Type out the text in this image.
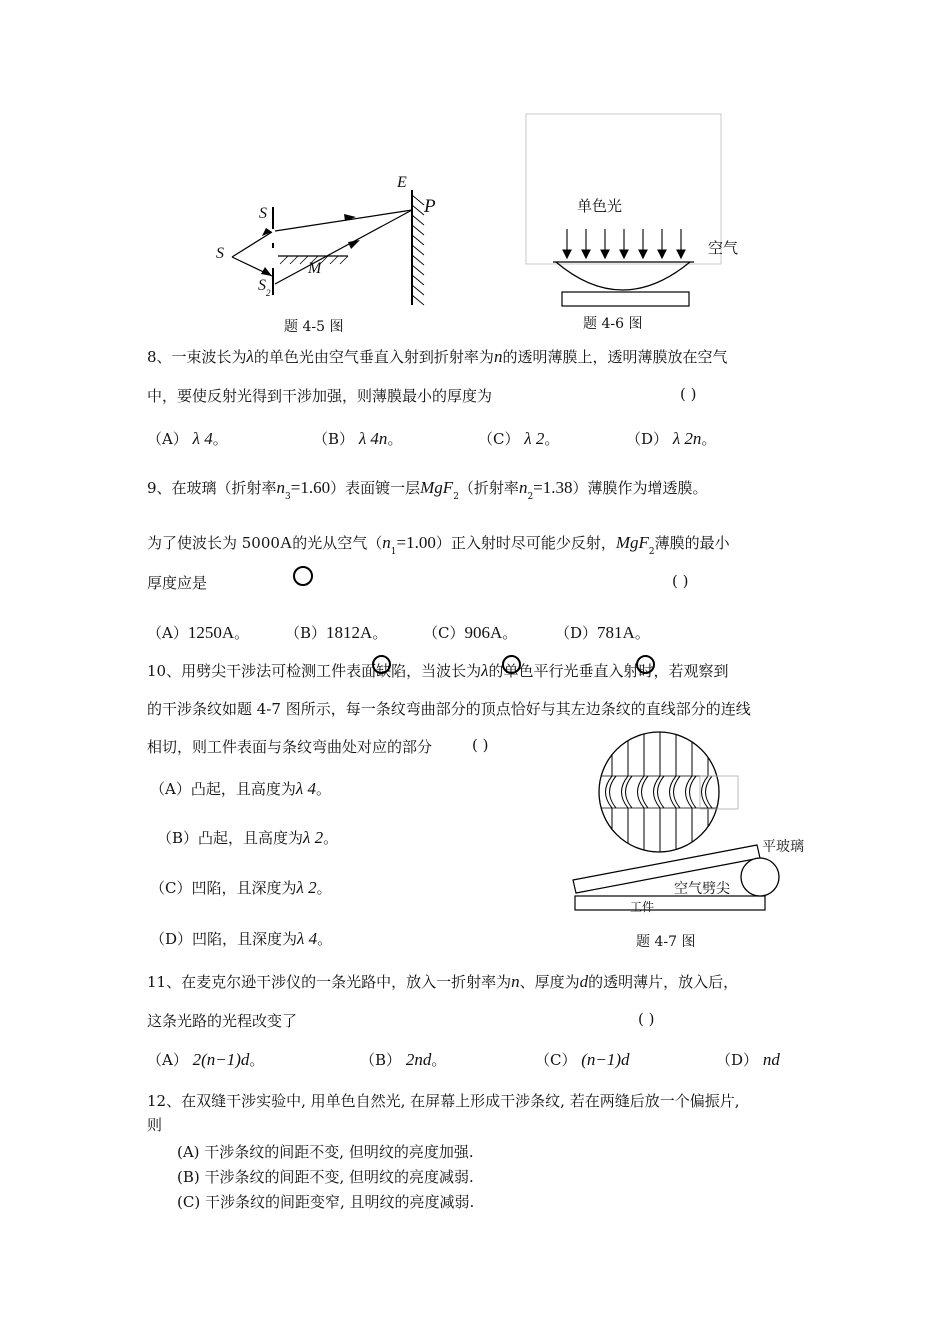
E
P
S
S
M
$S_2$
题 4-5 图
单色光
空气
题 4-6 图
8、一束波长为λ的单色光由空气垂直入射到折射率为n的透明薄膜上，透明薄膜放在空气
中，要使反射光得到干涉加强，则薄膜最小的厚度为	( )
（A） λ 4。	（B） λ 4n。	（C） λ 2。	（D） λ 2n。
9、在玻璃（折射率$n_3=1.60$）表面镀一层MgF$_2$（折射率$n_2=1.38$）薄膜作为增透膜。
为了使波长为 5000A的光从空气$(n_1=1.00)$正入射时尽可能少反射，MgF$_2$薄膜的最小
厚度应是	( )
（A）1250A。 （B）1812A。 （C）906A。	（D）781A。
10、用劈尖干涉法可检测工件表面缺陷，当波长为λ的单色平行光垂直入射时，若观察到
的干涉条纹如题 4-7 图所示，每一条纹弯曲部分的顶点恰好与其左边条纹的直线部分的连线
相切，则工件表面与条纹弯曲处对应的部分	( )
（A）凸起，且高度为λ 4。
（B）凸起，且高度为λ 2。
（C）凹陷，且深度为λ 2。
（D）凹陷，且深度为λ 4。
平玻璃
空气劈尖
工件
题 4-7 图
11、在麦克尔逊干涉仪的一条光路中，放入一折射率为n、厚度为d的透明薄片，放入后，
这条光路的光程改变了	( )
（A） 2(n−1)d。	（B） 2nd。	（C） (n−1)d	（D） nd
12、在双缝干涉实验中, 用单色自然光, 在屏幕上形成干涉条纹, 若在两缝后放一个偏振片,
则
(A) 干涉条纹的间距不变, 但明纹的亮度加强.
(B) 干涉条纹的间距不变, 但明纹的亮度减弱.
(C) 干涉条纹的间距变窄, 且明纹的亮度减弱.
